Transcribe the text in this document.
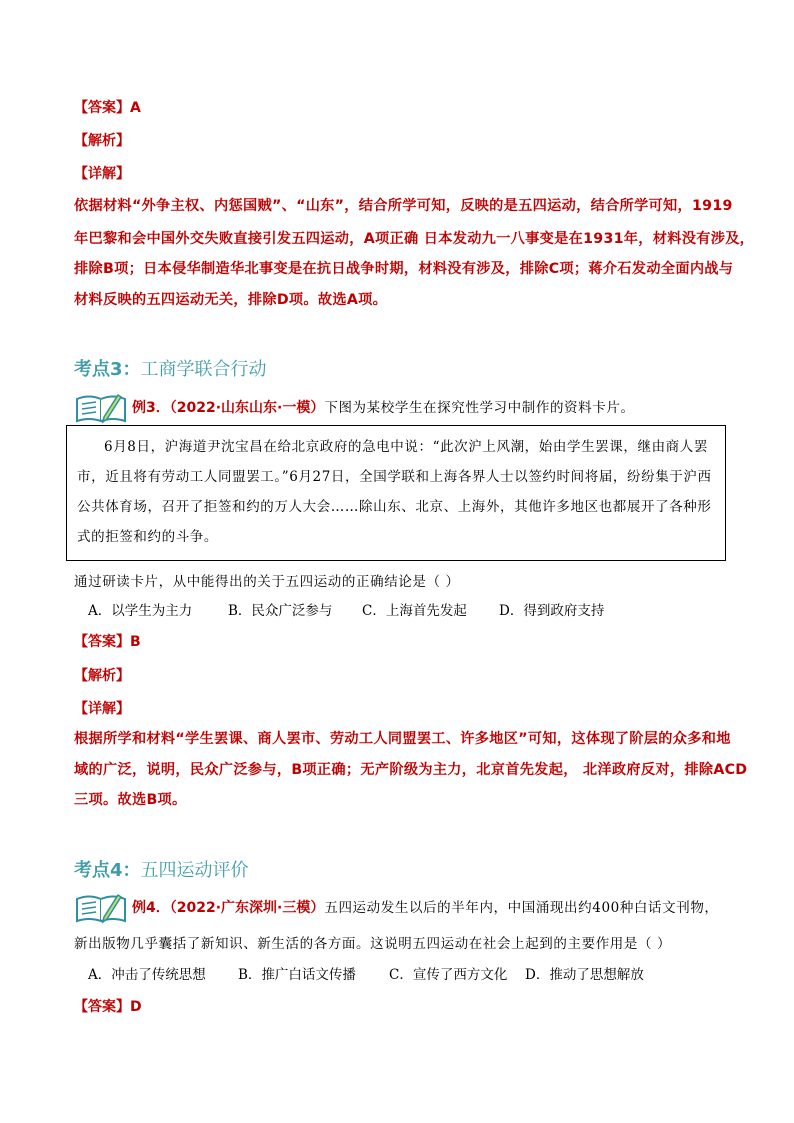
【答案】A
【解析】
【详解】
依据材料“外争主权、内惩国贼”、“山东”，结合所学可知，反映的是五四运动，结合所学可知，1919
年巴黎和会中国外交失败直接引发五四运动，A项正确 日本发动九一八事变是在1931年，材料没有涉及，
排除B项；日本侵华制造华北事变是在抗日战争时期，材料没有涉及，排除C项；蒋介石发动全面内战与
材料反映的五四运动无关，排除D项。故选A项。
考点3：工商学联合行动
例3．（2022·山东山东·一模）下图为某校学生在探究性学习中制作的资料卡片。

6月8日，沪海道尹沈宝昌在给北京政府的急电中说：“此次沪上风潮，始由学生罢课，继由商人罢市，近且将有劳动工人同盟罢工。”6月27日，全国学联和上海各界人士以签约时间将届，纷纷集于沪西公共体育场，召开了拒签和约的万人大会……除山东、北京、上海外，其他许多地区也都展开了各种形式的拒签和约的斗争。

通过研读卡片，从中能得出的关于五四运动的正确结论是（ ）
A．以学生为主力	B．民众广泛参与 C．上海首先发起 D．得到政府支持
【答案】B
【解析】
【详解】
根据所学和材料“学生罢课、商人罢市、劳动工人同盟罢工、许多地区”可知，这体现了阶层的众多和地
域的广泛，说明，民众广泛参与，B项正确；无产阶级为主力，北京首先发起， 北洋政府反对，排除ACD
三项。故选B项。
考点4：五四运动评价
例4．（2022·广东深圳·三模）五四运动发生以后的半年内，中国涌现出约400种白话文刊物，
新出版物几乎囊括了新知识、新生活的各方面。这说明五四运动在社会上起到的主要作用是（ ）
A．冲击了传统思想 B．推广白话文传播 C．宣传了西方文化 D．推动了思想解放
【答案】D
